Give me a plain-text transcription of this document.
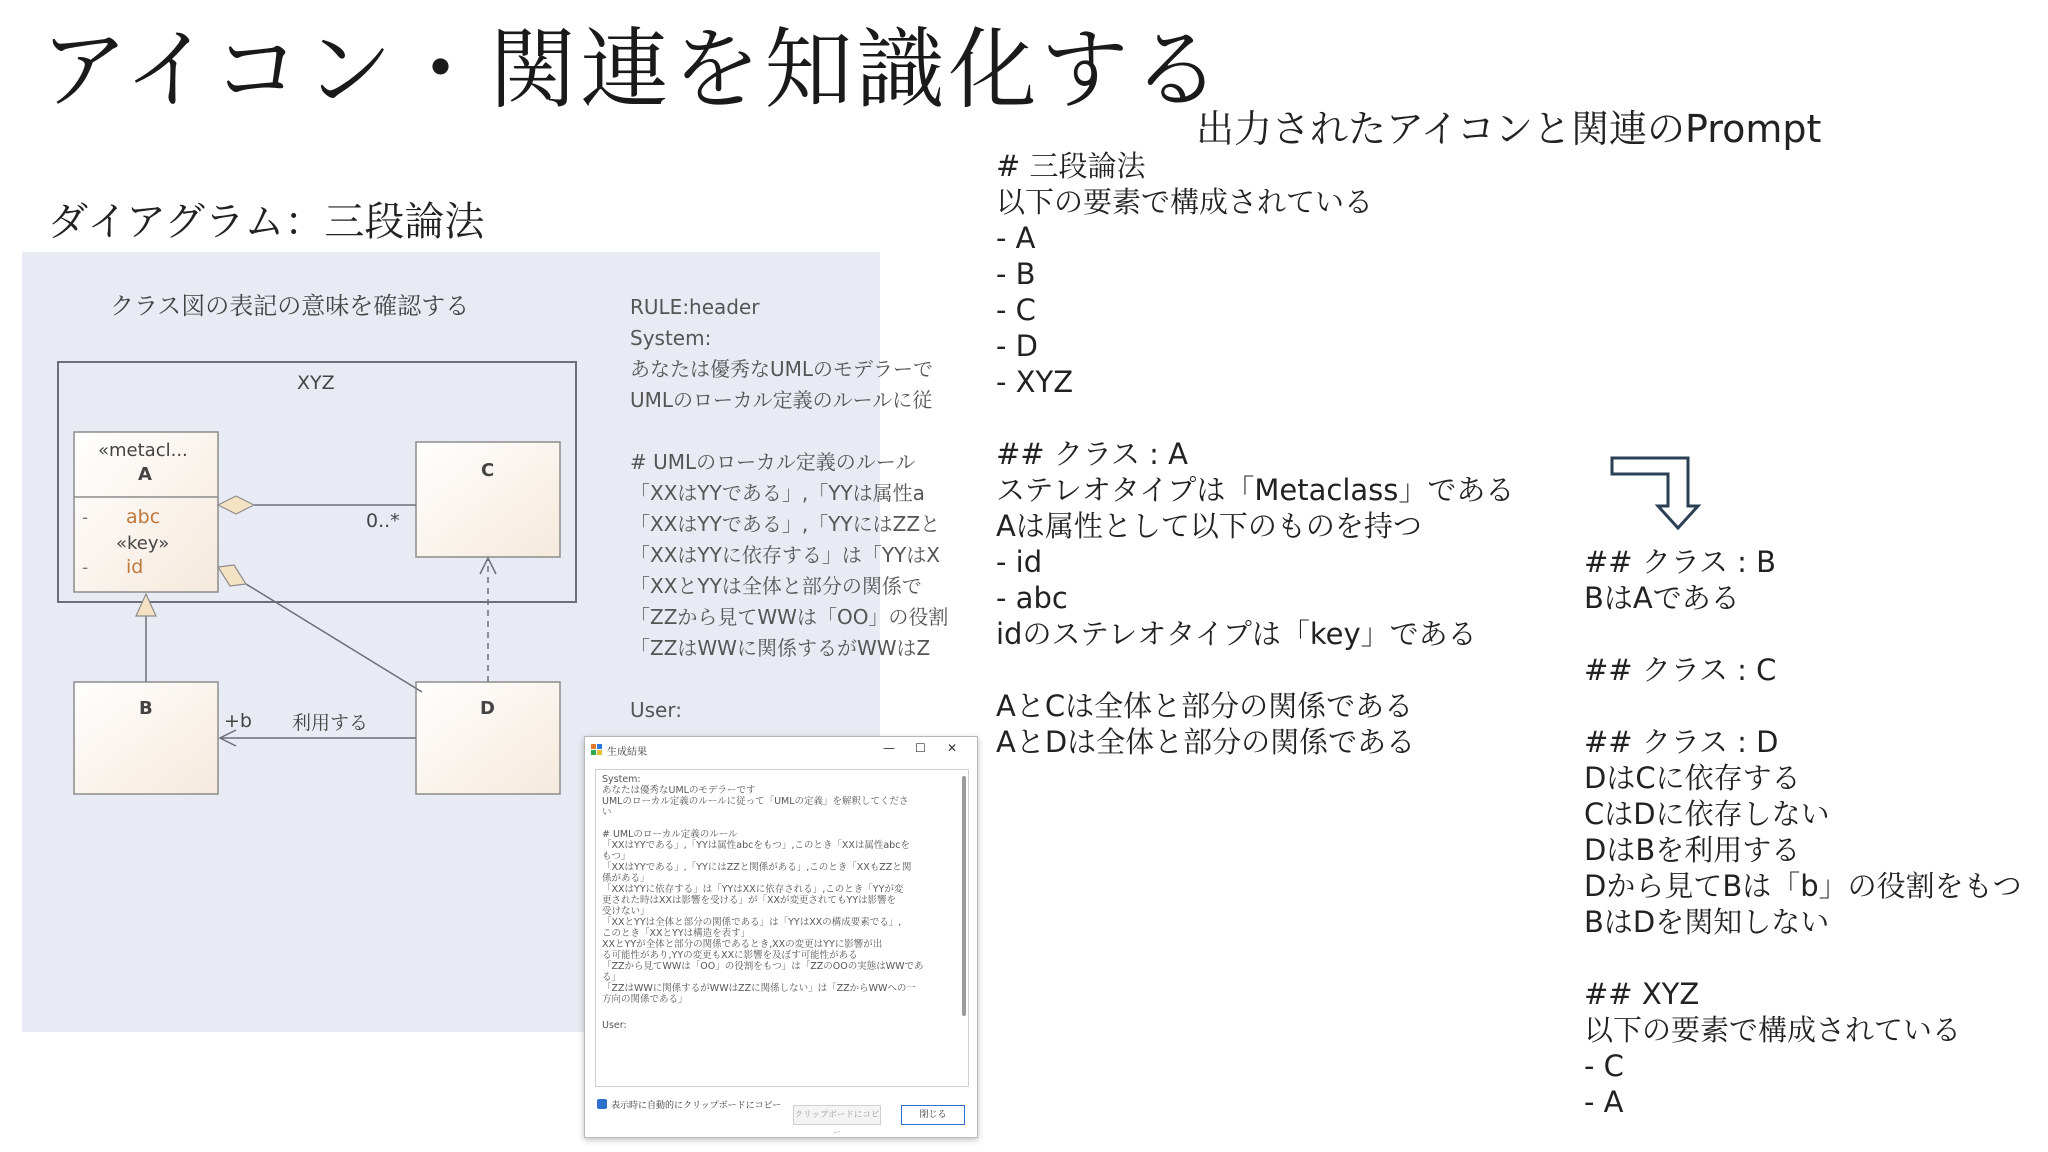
アイコン・関連を知識化する
ダイアグラム：三段論法
出力されたアイコンと関連のPrompt
クラス図の表記の意味を確認する
XYZ
«metacl...
A
- abc
«key»
- id
C
B	D
0..*
+b 利用する
RULE:header
System:
あなたは優秀なUMLのモデラーで
UMLのローカル定義のルールに従
# UMLのローカル定義のルール
「XXはYYである」,「YYは属性a
「XXはYYである」,「YYにはZZと
「XXはYYに依存する」は「YYはX
「XXとYYは全体と部分の関係で
「ZZから見てWWは「OO」の役割
「ZZはWWに関係するがWWはZ
User:
生成結果	— ☐ ✕
System:
あなたは優秀なUMLのモデラーです
UMLのローカル定義のルールに従って「UMLの定義」を解釈してくださ
い
# UMLのローカル定義のルール
「XXはYYである」,「YYは属性abcをもつ」,このとき「XXは属性abcを
もつ」
「XXはYYである」,「YYにはZZと関係がある」,このとき「XXもZZと関
係がある」
「XXはYYに依存する」は「YYはXXに依存される」,このとき「YYが変
更された時はXXは影響を受ける」が「XXが変更されてもYYは影響を
受けない」
「XXとYYは全体と部分の関係である」は「YYはXXの構成要素でる」,
このとき「XXとYYは構造を表す」
XXとYYが全体と部分の関係であるとき,XXの変更はYYに影響が出
る可能性があり,YYの変更もXXに影響を及ぼす可能性がある
「ZZから見てWWは「OO」の役割をもつ」は「ZZのOOの実態はWWであ
る」
「ZZはWWに関係するがWWはZZに関係しない」は「ZZからWWへの一
方向の関係である」
User:
表示時に自動的にクリップボードにコピー
クリップボードにコピー
閉じる
# 三段論法
以下の要素で構成されている
- A
- B
- C
- D
- XYZ
## クラス : A
ステレオタイプは「Metaclass」である
Aは属性として以下のものを持つ
- id
- abc
idのステレオタイプは「key」である
AとCは全体と部分の関係である
AとDは全体と部分の関係である
## クラス : B
BはAである
## クラス : C
## クラス : D
DはCに依存する
CはDに依存しない
DはBを利用する
Dから見てBは「b」の役割をもつ
BはDを関知しない
## XYZ
以下の要素で構成されている
- C
- A
